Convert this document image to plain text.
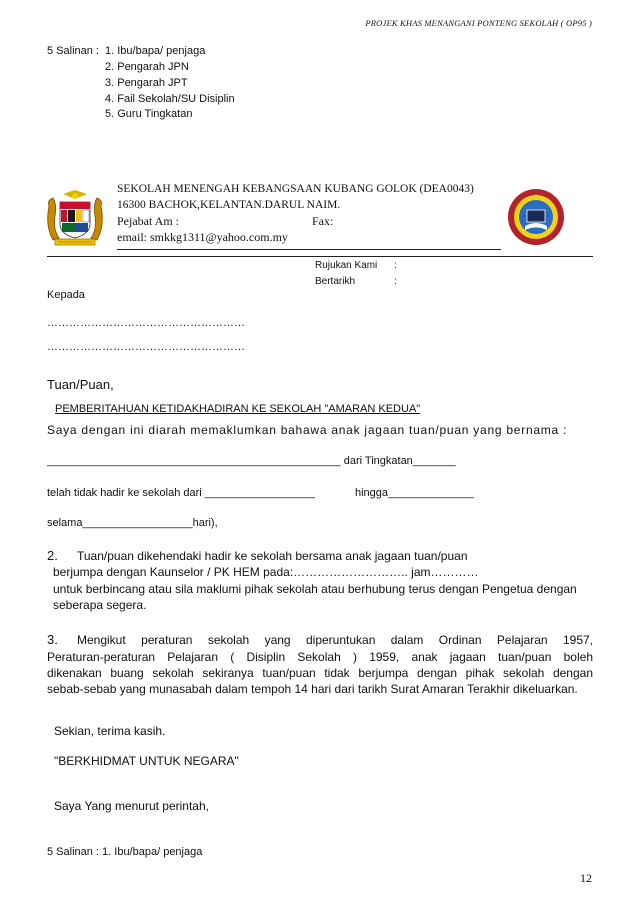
PROJEK KHAS MENANGANI PONTENG SEKOLAH ( OP95 )
5 Salinan : 1. Ibu/bapa/ penjaga
2. Pengarah JPN
3. Pengarah JPT
4. Fail Sekolah/SU Disiplin
5. Guru Tingkatan
SEKOLAH MENENGAH KEBANGSAAN KUBANG GOLOK (DEA0043)
16300 BACHOK,KELANTAN.DARUL NAIM.
Pejabat Am :	Fax:
email: smkkg1311@yahoo.com.my
Rujukan Kami :
Bertarikh	:
Kepada
………………………………………………
………………………………………………
Tuan/Puan,
PEMBERITAHUAN KETIDAKHADIRAN KE SEKOLAH "AMARAN KEDUA"
Saya dengan ini diarah memaklumkan bahawa anak jagaan tuan/puan yang bernama :
________________________________________________ dari Tingkatan_______
telah tidak hadir ke sekolah dari __________________	hingga______________
selama__________________hari),
2. Tuan/puan dikehendaki hadir ke sekolah bersama anak jagaan tuan/puan
berjumpa dengan Kaunselor / PK HEM pada:……………………….. jam…………
untuk berbincang atau sila maklumi pihak sekolah atau berhubung terus dengan Pengetua dengan
seberapa segera.
3. Mengikut peraturan sekolah yang diperuntukan dalam Ordinan Pelajaran 1957,
Peraturan-peraturan Pelajaran ( Disiplin Sekolah ) 1959, anak jagaan tuan/puan boleh
dikenakan buang sekolah sekiranya tuan/puan tidak berjumpa dengan pihak sekolah dengan
sebab-sebab yang munasabah dalam tempoh 14 hari dari tarikh Surat Amaran Terakhir dikeluarkan.
Sekian, terima kasih.
"BERKHIDMAT UNTUK NEGARA"
Saya Yang menurut perintah,
5 Salinan : 1. Ibu/bapa/ penjaga
12
